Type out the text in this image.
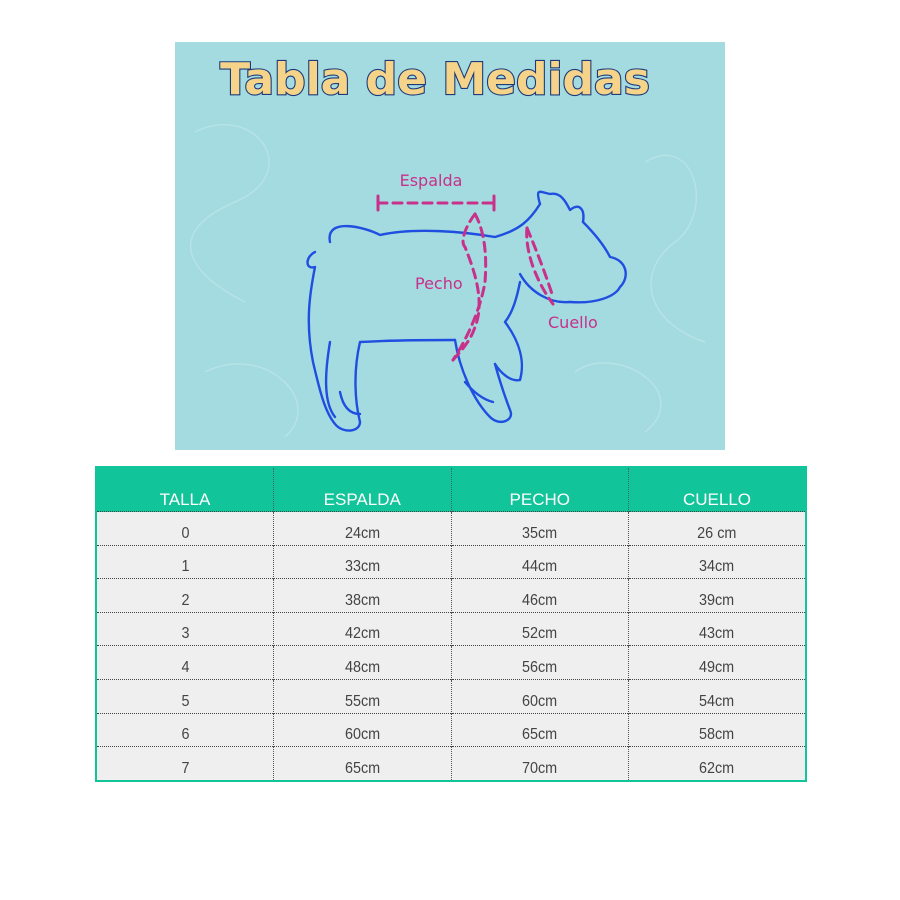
Tabla de Medidas
Espalda
Pecho
Cuello
TALLA	ESPALDA	PECHO	CUELLO
0	24cm	35cm	26 cm
1	33cm	44cm	34cm
2	38cm	46cm	39cm
3	42cm	52cm	43cm
4	48cm	56cm	49cm
5	55cm	60cm	54cm
6	60cm	65cm	58cm
7	65cm	70cm	62cm
